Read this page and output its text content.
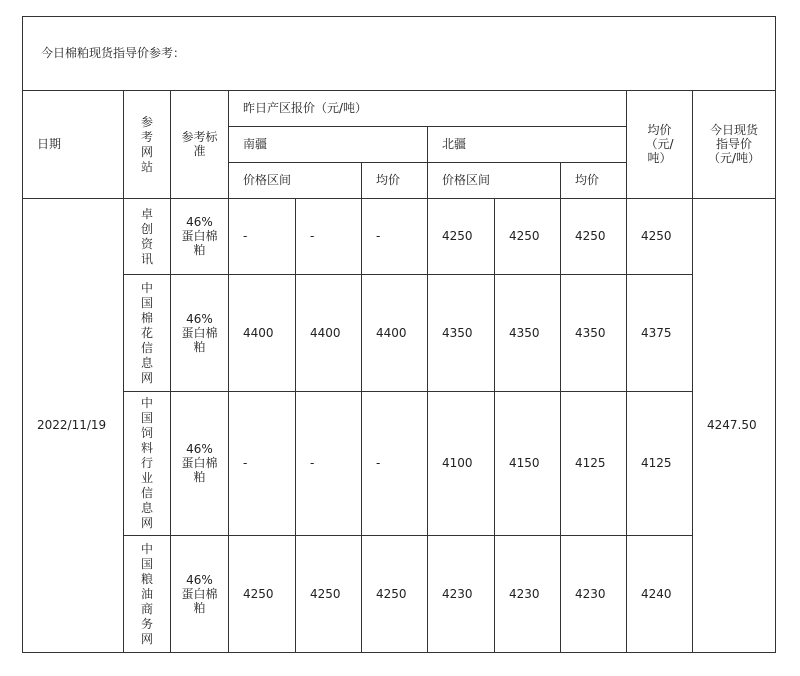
今日棉粕现货指导价参考：										
日期	参考网站	参考标准	昨日产区报价（元/吨）						均价（元/吨）	今日现货指导价（元/吨）
			南疆			北疆				
			价格区间		均价	价格区间		均价		
2022/11/19	卓创资讯	46%蛋白棉粕	-	-	-	4250	4250	4250	4250	4247.50
	中国棉花信息网	46%蛋白棉粕	4400	4400	4400	4350	4350	4350	4375	
	中国饲料行业信息网	46%蛋白棉粕	-	-	-	4100	4150	4125	4125	
	中国粮油商务网	46%蛋白棉粕	4250	4250	4250	4230	4230	4230	4240	
